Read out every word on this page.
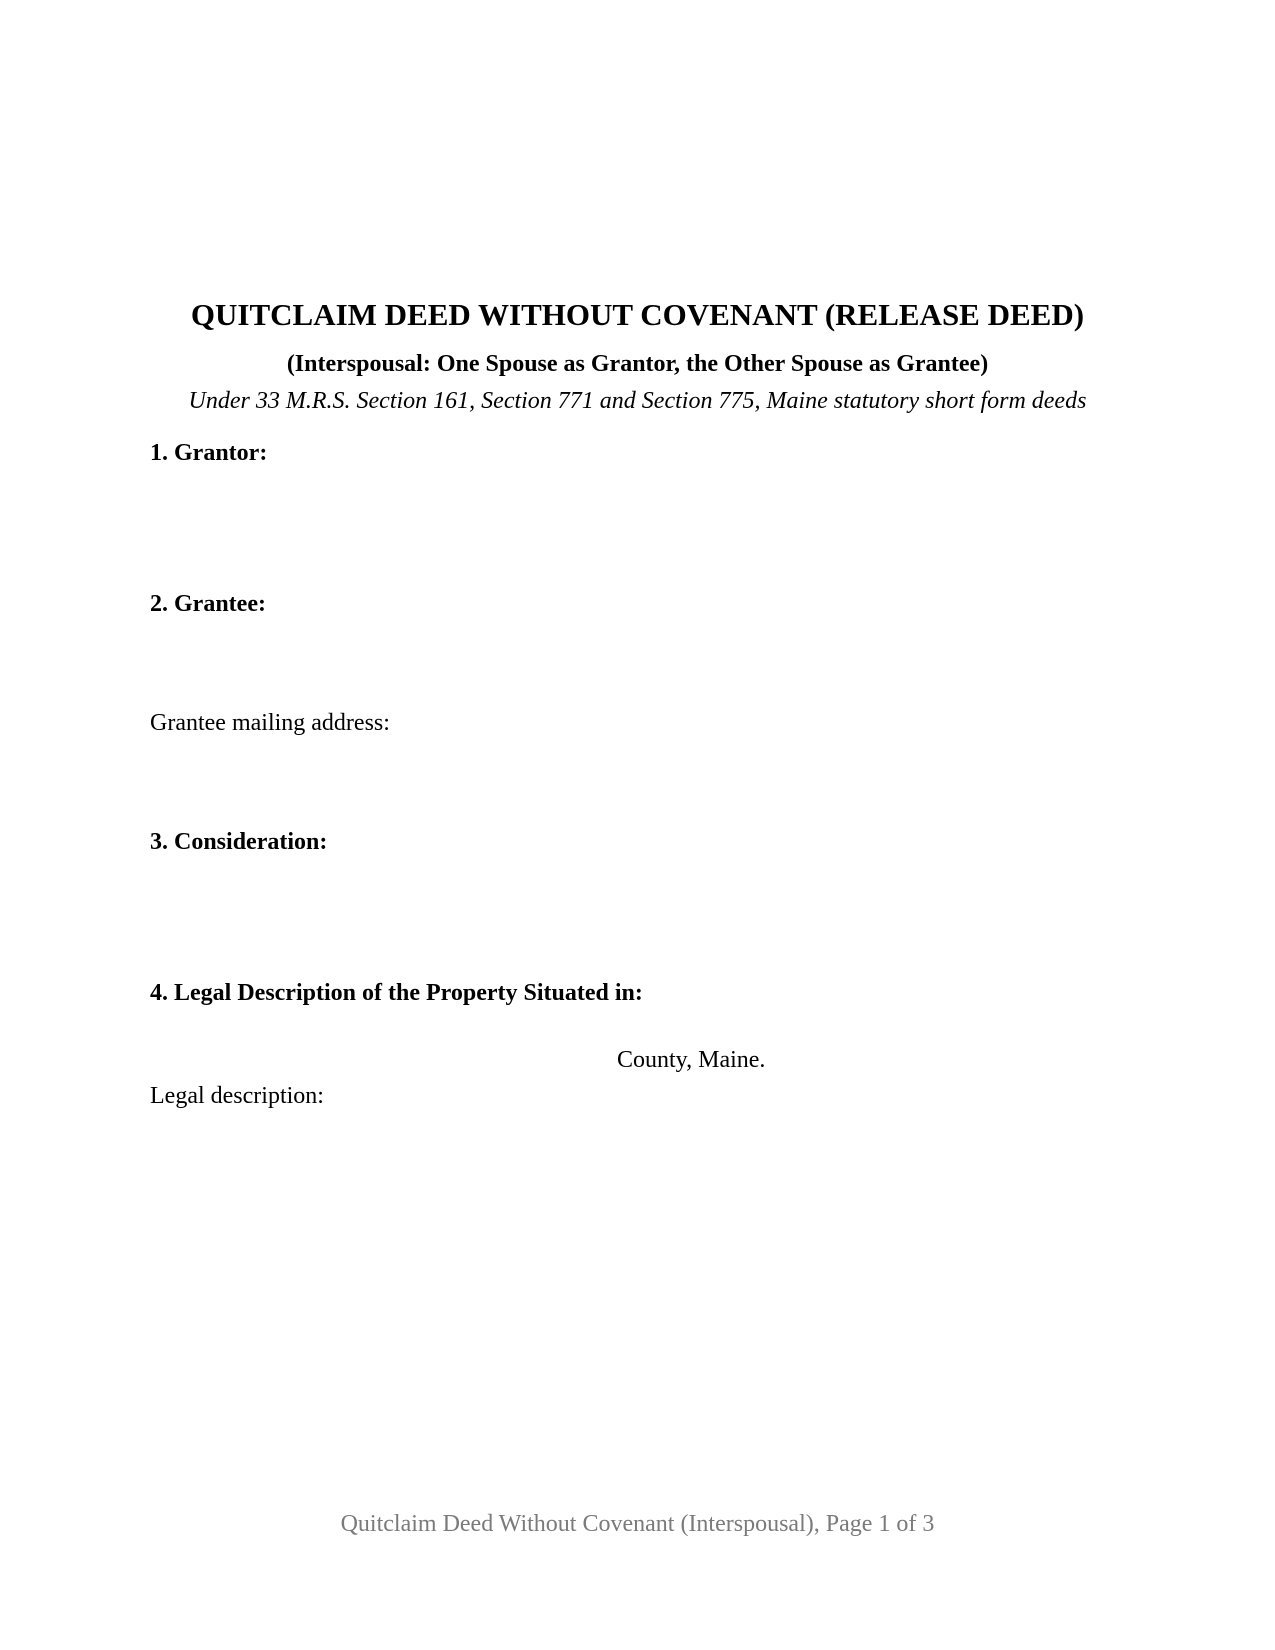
QUITCLAIM DEED WITHOUT COVENANT (RELEASE DEED)
(Interspousal: One Spouse as Grantor, the Other Spouse as Grantee)
Under 33 M.R.S. Section 161, Section 771 and Section 775, Maine statutory short form deeds
1. Grantor:
2. Grantee:
Grantee mailing address:
3. Consideration:
4. Legal Description of the Property Situated in:
County, Maine.
Legal description:
Quitclaim Deed Without Covenant (Interspousal), Page 1 of 3
